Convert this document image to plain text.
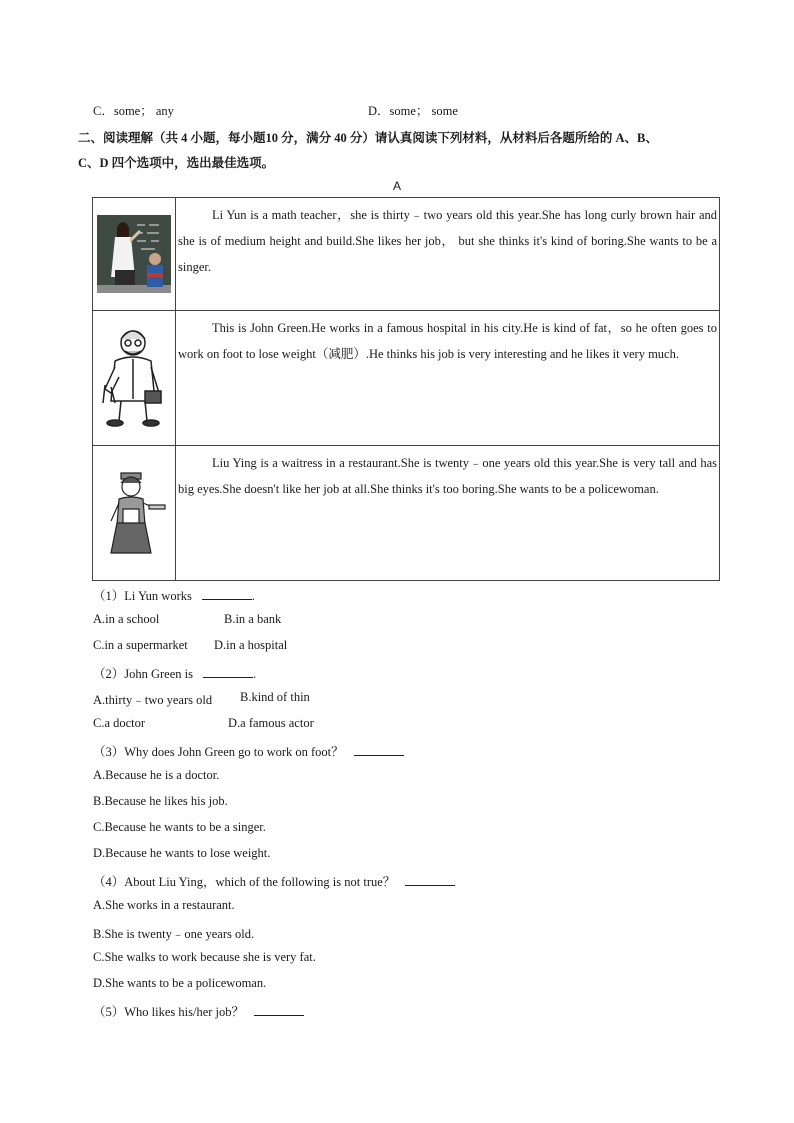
C．some； any	D．some； some
二、阅读理解（共 4 小题，每小题10 分，满分 40 分）请认真阅读下列材料，从材料后各题所给的 A、B、
C、D 四个选项中，选出最佳选项。
A
Li Yun is a math teacher，she is thirty﹣two years old this year.She has long curly brown hair and she is of medium height and build.She likes her job， but she thinks it's kind of boring.She wants to be a singer.
This is John Green.He works in a famous hospital in his city.He is kind of fat，so he often goes to work on foot to lose weight（减肥）.He thinks his job is very interesting and he likes it very much.
Liu Ying is a waitress in a restaurant.She is twenty﹣one years old this year.She is very tall and has big eyes.She doesn't like her job at all.She thinks it's too boring.She wants to be a policewoman.
（1）Li Yun works	.
A.in a school	B.in a bank
C.in a supermarket D.in a hospital
（2）John Green is	.
A.thirty﹣two years old B.kind of thin
C.a doctor	D.a famous actor
（3）Why does John Green go to work on foot？
A.Because he is a doctor.
B.Because he likes his job.
C.Because he wants to be a singer.
D.Because he wants to lose weight.
（4）About Liu Ying，which of the following is not true？
A.She works in a restaurant.
B.She is twenty﹣one years old.
C.She walks to work because she is very fat.
D.She wants to be a policewoman.
（5）Who likes his/her job？
